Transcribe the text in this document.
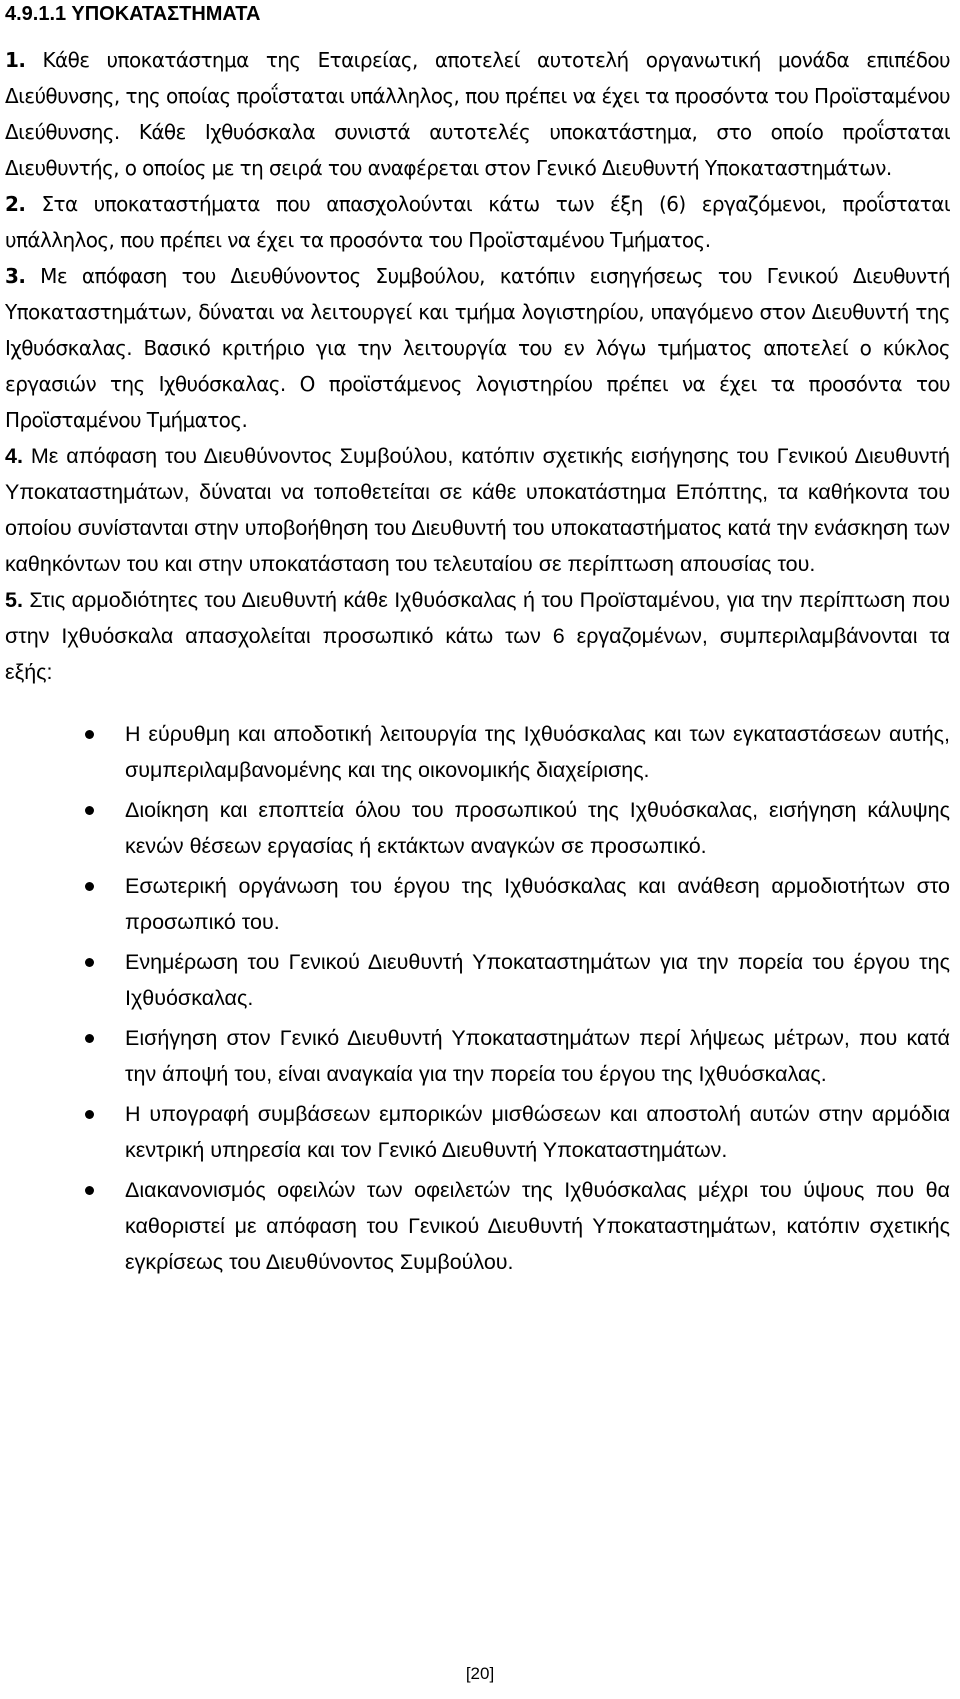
4.9.1.1 ΥΠΟΚΑΤΑΣΤΗΜΑΤΑ

1. Κάθε υποκατάστημα της Εταιρείας, αποτελεί αυτοτελή οργανωτική μονάδα επιπέδου Διεύθυνσης, της οποίας προΐσταται υπάλληλος, που πρέπει να έχει τα προσόντα του Προϊσταμένου Διεύθυνσης. Κάθε Ιχθυόσκαλα συνιστά αυτοτελές υποκατάστημα, στο οποίο προΐσταται Διευθυντής, ο οποίος με τη σειρά του αναφέρεται στον Γενικό Διευθυντή Υποκαταστημάτων.

2. Στα υποκαταστήματα που απασχολούνται κάτω των έξη (6) εργαζόμενοι, προΐσταται υπάλληλος, που πρέπει να έχει τα προσόντα του Προϊσταμένου Τμήματος.

3. Με απόφαση του Διευθύνοντος Συμβούλου, κατόπιν εισηγήσεως του Γενικού Διευθυντή Υποκαταστημάτων, δύναται να λειτουργεί και τμήμα λογιστηρίου, υπαγόμενο στον Διευθυντή της Ιχθυόσκαλας. Βασικό κριτήριο για την λειτουργία του εν λόγω τμήματος αποτελεί ο κύκλος εργασιών της Ιχθυόσκαλας. Ο προϊστάμενος λογιστηρίου πρέπει να έχει τα προσόντα του Προϊσταμένου Τμήματος.

4. Με απόφαση του Διευθύνοντος Συμβούλου, κατόπιν σχετικής εισήγησης του Γενικού Διευθυντή Υποκαταστημάτων, δύναται να τοποθετείται σε κάθε υποκατάστημα Επόπτης, τα καθήκοντα του οποίου συνίστανται στην υποβοήθηση του Διευθυντή του υποκαταστήματος κατά την ενάσκηση των καθηκόντων του και στην υποκατάσταση του τελευταίου σε περίπτωση απουσίας του.

5. Στις αρμοδιότητες του Διευθυντή κάθε Ιχθυόσκαλας ή του Προϊσταμένου, για την περίπτωση που στην Ιχθυόσκαλα απασχολείται προσωπικό κάτω των 6 εργαζομένων, συμπεριλαμβάνονται τα εξής:

Η εύρυθμη και αποδοτική λειτουργία της Ιχθυόσκαλας και των εγκαταστάσεων αυτής, συμπεριλαμβανομένης και της οικονομικής διαχείρισης.
Διοίκηση και εποπτεία όλου του προσωπικού της Ιχθυόσκαλας, εισήγηση κάλυψης κενών θέσεων εργασίας ή εκτάκτων αναγκών σε προσωπικό.
Εσωτερική οργάνωση του έργου της Ιχθυόσκαλας και ανάθεση αρμοδιοτήτων στο προσωπικό του.
Ενημέρωση του Γενικού Διευθυντή Υποκαταστημάτων για την πορεία του έργου της Ιχθυόσκαλας.
Εισήγηση στον Γενικό Διευθυντή Υποκαταστημάτων περί λήψεως μέτρων, που κατά την άποψή του, είναι αναγκαία για την πορεία του έργου της Ιχθυόσκαλας.
Η υπογραφή συμβάσεων εμπορικών μισθώσεων και αποστολή αυτών στην αρμόδια κεντρική υπηρεσία και τον Γενικό Διευθυντή Υποκαταστημάτων.
Διακανονισμός οφειλών των οφειλετών της Ιχθυόσκαλας μέχρι του ύψους που θα καθοριστεί με απόφαση του Γενικού Διευθυντή Υποκαταστημάτων, κατόπιν σχετικής εγκρίσεως του Διευθύνοντος Συμβούλου.
[20]
